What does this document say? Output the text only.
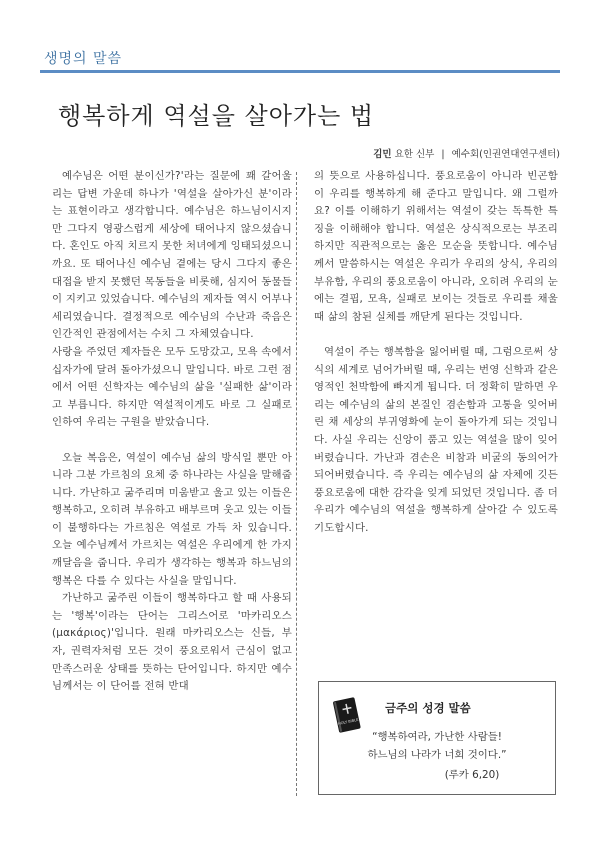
생명의 말씀
행복하게 역설을 살아가는 법
김민 요한 신부 | 예수회(인권연대연구센터)

예수님은 어떤 분이신가?'라는 질문에 꽤 갈어울리는 답변 가운데 하나가 '역설을 살아가신 분'이라는 표현이라고 생각합니다. 예수님은 하느님이시지만 그다지 영광스럽게 세상에 태어나지 않으셨습니다. 혼인도 아직 치르지 못한 처녀에게 잉태되셨으니까요. 또 태어나신 예수님 곁에는 당시 그다지 좋은 대접을 받지 못했던 목동들을 비롯해, 심지어 동물들이 지키고 있었습니다. 예수님의 제자들 역시 어부나 세리였습니다. 결정적으로 예수님의 수난과 죽음은 인간적인 관점에서는 수치 그 자체였습니다.

사랑을 주었던 제자들은 모두 도망갔고, 모욕 속에서 십자가에 달려 돌아가셨으니 말입니다. 바로 그런 점에서 어떤 신학자는 예수님의 삶을 '실패한 삶'이라고 부릅니다. 하지만 역설적이게도 바로 그 실패로 인하여 우리는 구원을 받았습니다.

오늘 복음은, 역설이 예수님 삶의 방식일 뿐만 아니라 그분 가르침의 요체 중 하나라는 사실을 말해줍니다. 가난하고 굶주리며 미움받고 울고 있는 이들은 행복하고, 오히려 부유하고 배부르며 웃고 있는 이들이 불행하다는 가르침은 역설로 가득 차 있습니다. 오늘 예수님께서 가르치는 역설은 우리에게 한 가지 깨달음을 줍니다. 우리가 생각하는 행복과 하느님의 행복은 다를 수 있다는 사실을 말입니다.

가난하고 굶주린 이들이 행복하다고 할 때 사용되는 '행복'이라는 단어는 그리스어로 '마카리오스(μακάριος)'입니다. 원래 마카리오스는 신들, 부자, 권력자처럼 모든 것이 풍요로워서 근심이 없고 만족스러운 상태를 뜻하는 단어입니다. 하지만 예수님께서는 이 단어를 전혀 반대

의 뜻으로 사용하십니다. 풍요로움이 아니라 빈곤함이 우리를 행복하게 해 준다고 말입니다. 왜 그럴까요? 이를 이해하기 위해서는 역설이 갖는 독특한 특징을 이해해야 합니다. 역설은 상식적으로는 부조리하지만 직관적으로는 옳은 모순을 뜻합니다. 예수님께서 말씀하시는 역설은 우리가 우리의 상식, 우리의 부유함, 우리의 풍요로움이 아니라, 오히려 우리의 눈에는 결핍, 모욕, 실패로 보이는 것들로 우리를 채울 때 삶의 참된 실체를 깨닫게 된다는 것입니다.

역설이 주는 행복함을 잃어버릴 때, 그럼으로써 상식의 세계로 넘어가버릴 때, 우리는 번영 신학과 같은 영적인 천박함에 빠지게 됩니다. 더 정확히 말하면 우리는 예수님의 삶의 본질인 겸손함과 고통을 잊어버린 채 세상의 부귀영화에 눈이 돌아가게 되는 것입니다. 사실 우리는 신앙이 품고 있는 역설을 많이 잊어버렸습니다. 가난과 겸손은 비참과 비굴의 동의어가 되어버렸습니다. 즉 우리는 예수님의 삶 자체에 깃든 풍요로움에 대한 감각을 잊게 되었던 것입니다. 좀 더 우리가 예수님의 역설을 행복하게 살아갈 수 있도록 기도합시다.

HOLY BIBLE
금주의 성경 말씀
“행복하여라, 가난한 사람들!
하느님의 나라가 너희 것이다.”
(루카 6,20)
